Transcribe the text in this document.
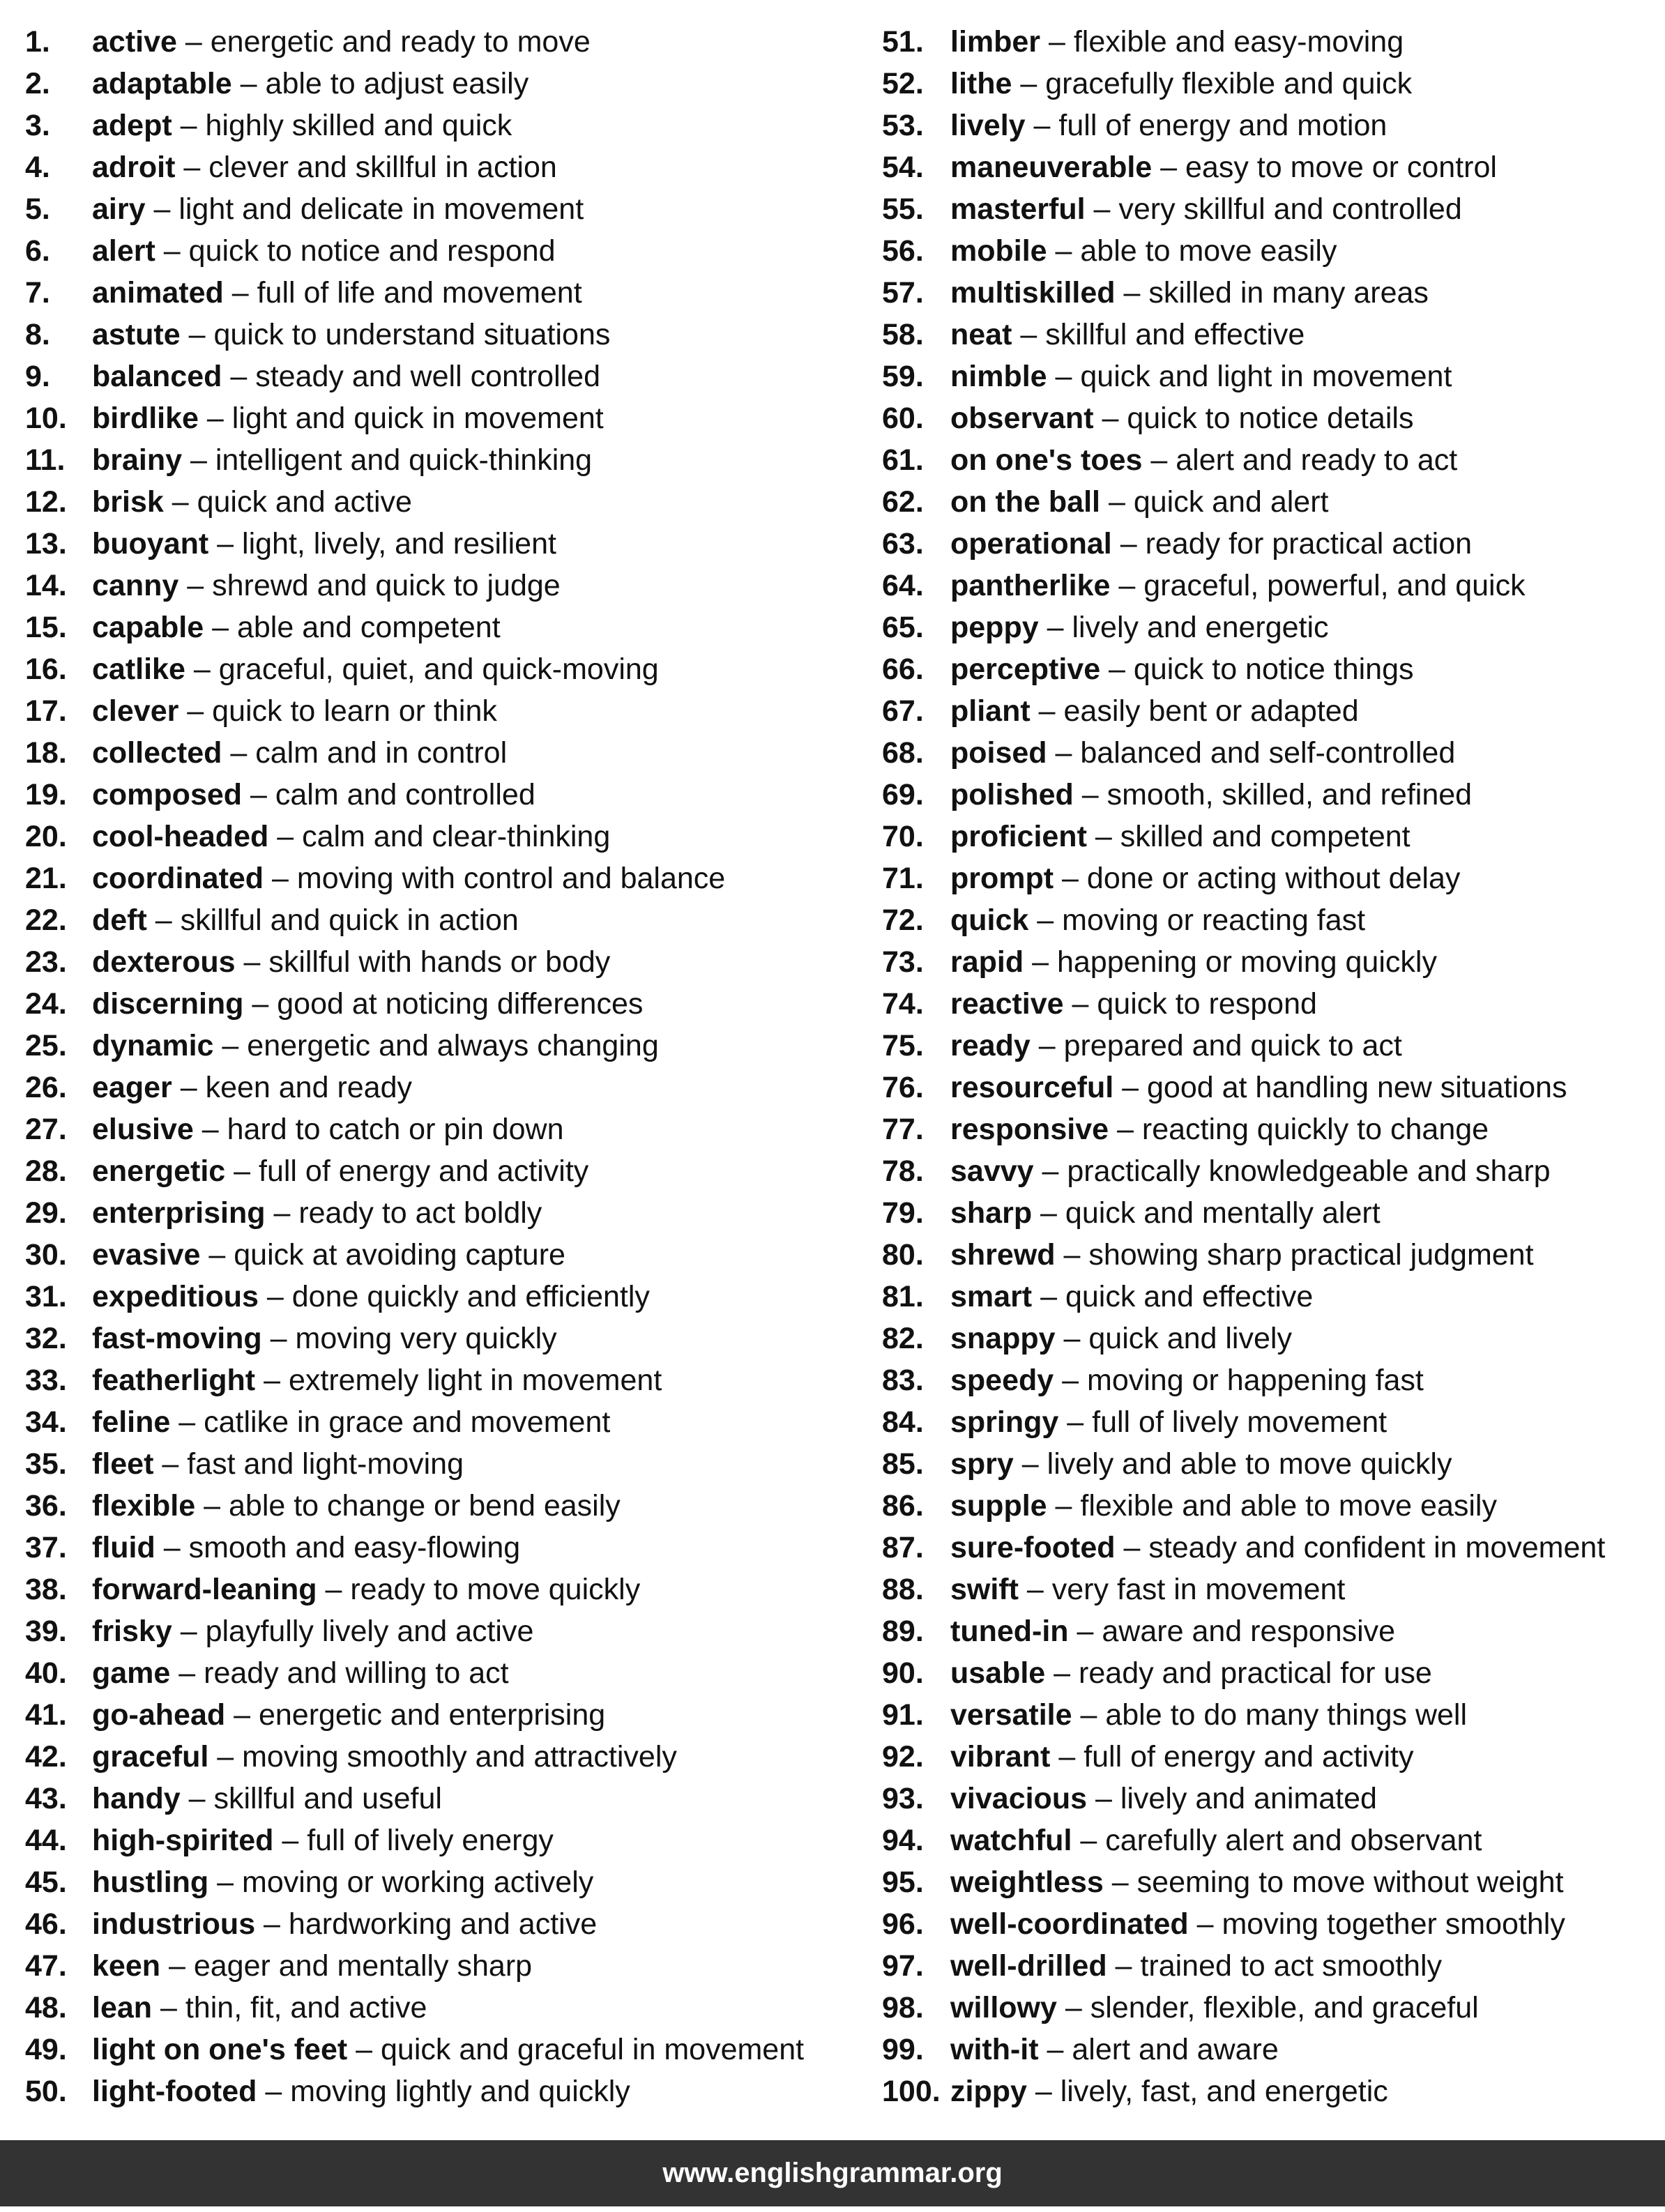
1. active – energetic and ready to move
2. adaptable – able to adjust easily
3. adept – highly skilled and quick
4. adroit – clever and skillful in action
5. airy – light and delicate in movement
6. alert – quick to notice and respond
7. animated – full of life and movement
8. astute – quick to understand situations
9. balanced – steady and well controlled
10. birdlike – light and quick in movement
11. brainy – intelligent and quick-thinking
12. brisk – quick and active
13. buoyant – light, lively, and resilient
14. canny – shrewd and quick to judge
15. capable – able and competent
16. catlike – graceful, quiet, and quick-moving
17. clever – quick to learn or think
18. collected – calm and in control
19. composed – calm and controlled
20. cool-headed – calm and clear-thinking
21. coordinated – moving with control and balance
22. deft – skillful and quick in action
23. dexterous – skillful with hands or body
24. discerning – good at noticing differences
25. dynamic – energetic and always changing
26. eager – keen and ready
27. elusive – hard to catch or pin down
28. energetic – full of energy and activity
29. enterprising – ready to act boldly
30. evasive – quick at avoiding capture
31. expeditious – done quickly and efficiently
32. fast-moving – moving very quickly
33. featherlight – extremely light in movement
34. feline – catlike in grace and movement
35. fleet – fast and light-moving
36. flexible – able to change or bend easily
37. fluid – smooth and easy-flowing
38. forward-leaning – ready to move quickly
39. frisky – playfully lively and active
40. game – ready and willing to act
41. go-ahead – energetic and enterprising
42. graceful – moving smoothly and attractively
43. handy – skillful and useful
44. high-spirited – full of lively energy
45. hustling – moving or working actively
46. industrious – hardworking and active
47. keen – eager and mentally sharp
48. lean – thin, fit, and active
49. light on one's feet – quick and graceful in movement
50. light-footed – moving lightly and quickly
51. limber – flexible and easy-moving
52. lithe – gracefully flexible and quick
53. lively – full of energy and motion
54. maneuverable – easy to move or control
55. masterful – very skillful and controlled
56. mobile – able to move easily
57. multiskilled – skilled in many areas
58. neat – skillful and effective
59. nimble – quick and light in movement
60. observant – quick to notice details
61. on one's toes – alert and ready to act
62. on the ball – quick and alert
63. operational – ready for practical action
64. pantherlike – graceful, powerful, and quick
65. peppy – lively and energetic
66. perceptive – quick to notice things
67. pliant – easily bent or adapted
68. poised – balanced and self-controlled
69. polished – smooth, skilled, and refined
70. proficient – skilled and competent
71. prompt – done or acting without delay
72. quick – moving or reacting fast
73. rapid – happening or moving quickly
74. reactive – quick to respond
75. ready – prepared and quick to act
76. resourceful – good at handling new situations
77. responsive – reacting quickly to change
78. savvy – practically knowledgeable and sharp
79. sharp – quick and mentally alert
80. shrewd – showing sharp practical judgment
81. smart – quick and effective
82. snappy – quick and lively
83. speedy – moving or happening fast
84. springy – full of lively movement
85. spry – lively and able to move quickly
86. supple – flexible and able to move easily
87. sure-footed – steady and confident in movement
88. swift – very fast in movement
89. tuned-in – aware and responsive
90. usable – ready and practical for use
91. versatile – able to do many things well
92. vibrant – full of energy and activity
93. vivacious – lively and animated
94. watchful – carefully alert and observant
95. weightless – seeming to move without weight
96. well-coordinated – moving together smoothly
97. well-drilled – trained to act smoothly
98. willowy – slender, flexible, and graceful
99. with-it – alert and aware
100. zippy – lively, fast, and energetic
www.englishgrammar.org
